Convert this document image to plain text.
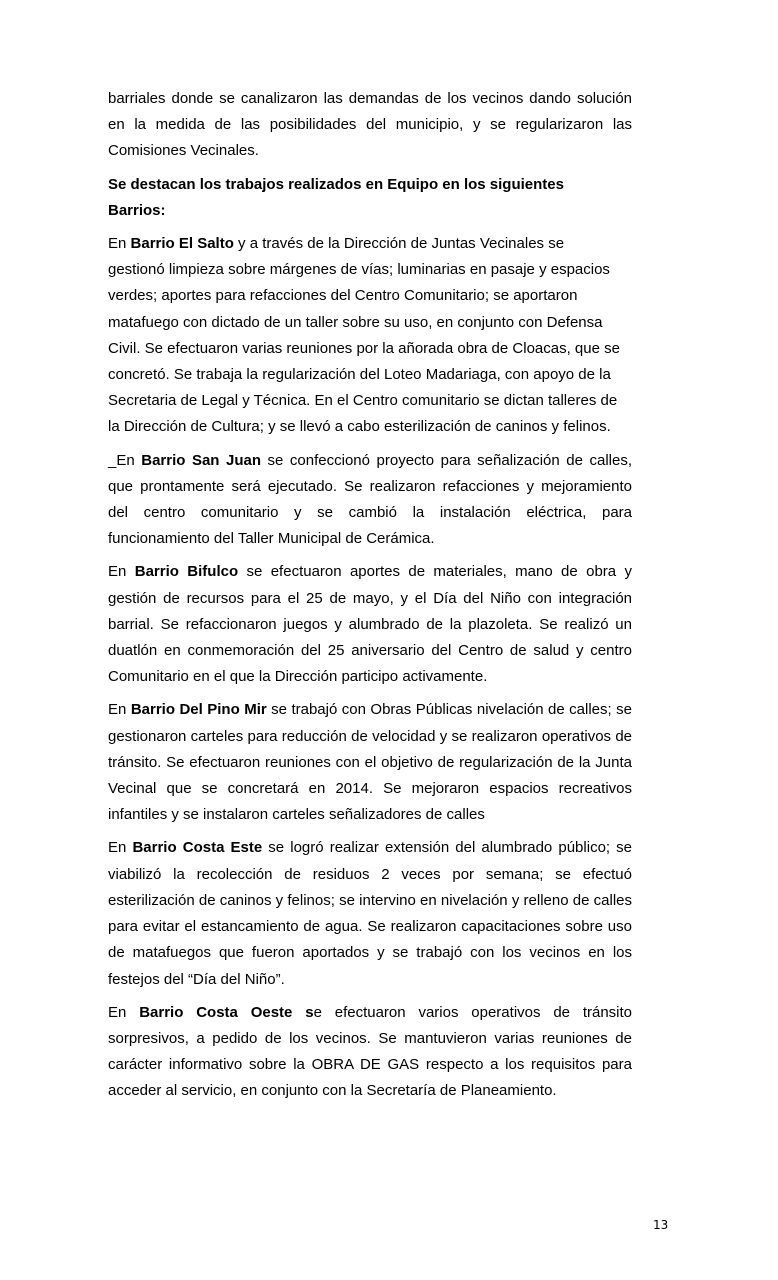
barriales donde se canalizaron las demandas de los vecinos dando solución en la medida de las posibilidades del municipio, y se regularizaron las Comisiones Vecinales.

Se destacan los trabajos realizados en Equipo en los siguientes
Barrios:

En Barrio El Salto y a través de la Dirección de Juntas Vecinales se
gestionó limpieza sobre márgenes de vías; luminarias en pasaje y espacios
verdes; aportes para refacciones del Centro Comunitario; se aportaron
matafuego con dictado de un taller sobre su uso, en conjunto con Defensa
Civil. Se efectuaron varias reuniones por la añorada obra de Cloacas, que se
concretó. Se trabaja la regularización del Loteo Madariaga, con apoyo de la
Secretaria de Legal y Técnica. En el Centro comunitario se dictan talleres de
la Dirección de Cultura; y se llevó a cabo esterilización de caninos y felinos.

_En Barrio San Juan se confeccionó proyecto para señalización de calles, que prontamente será ejecutado. Se realizaron refacciones y mejoramiento del centro comunitario y se cambió la instalación eléctrica, para funcionamiento del Taller Municipal de Cerámica.

En Barrio Bifulco se efectuaron aportes de materiales, mano de obra y gestión de recursos para el 25 de mayo, y el Día del Niño con integración barrial. Se refaccionaron juegos y alumbrado de la plazoleta. Se realizó un duatlón en conmemoración del 25 aniversario del Centro de salud y centro Comunitario en el que la Dirección participo activamente.

En Barrio Del Pino Mir se trabajó con Obras Públicas nivelación de calles; se gestionaron carteles para reducción de velocidad y se realizaron operativos de tránsito. Se efectuaron reuniones con el objetivo de regularización de la Junta Vecinal que se concretará en 2014. Se mejoraron espacios recreativos infantiles y se instalaron carteles señalizadores de calles

En Barrio Costa Este se logró realizar extensión del alumbrado público; se viabilizó la recolección de residuos 2 veces por semana; se efectuó esterilización de caninos y felinos; se intervino en nivelación y relleno de calles para evitar el estancamiento de agua. Se realizaron capacitaciones sobre uso de matafuegos que fueron aportados y se trabajó con los vecinos en los festejos del “Día del Niño”.

En Barrio Costa Oeste se efectuaron varios operativos de tránsito sorpresivos, a pedido de los vecinos. Se mantuvieron varias reuniones de carácter informativo sobre la OBRA DE GAS respecto a los requisitos para acceder al servicio, en conjunto con la Secretaría de Planeamiento.

13
